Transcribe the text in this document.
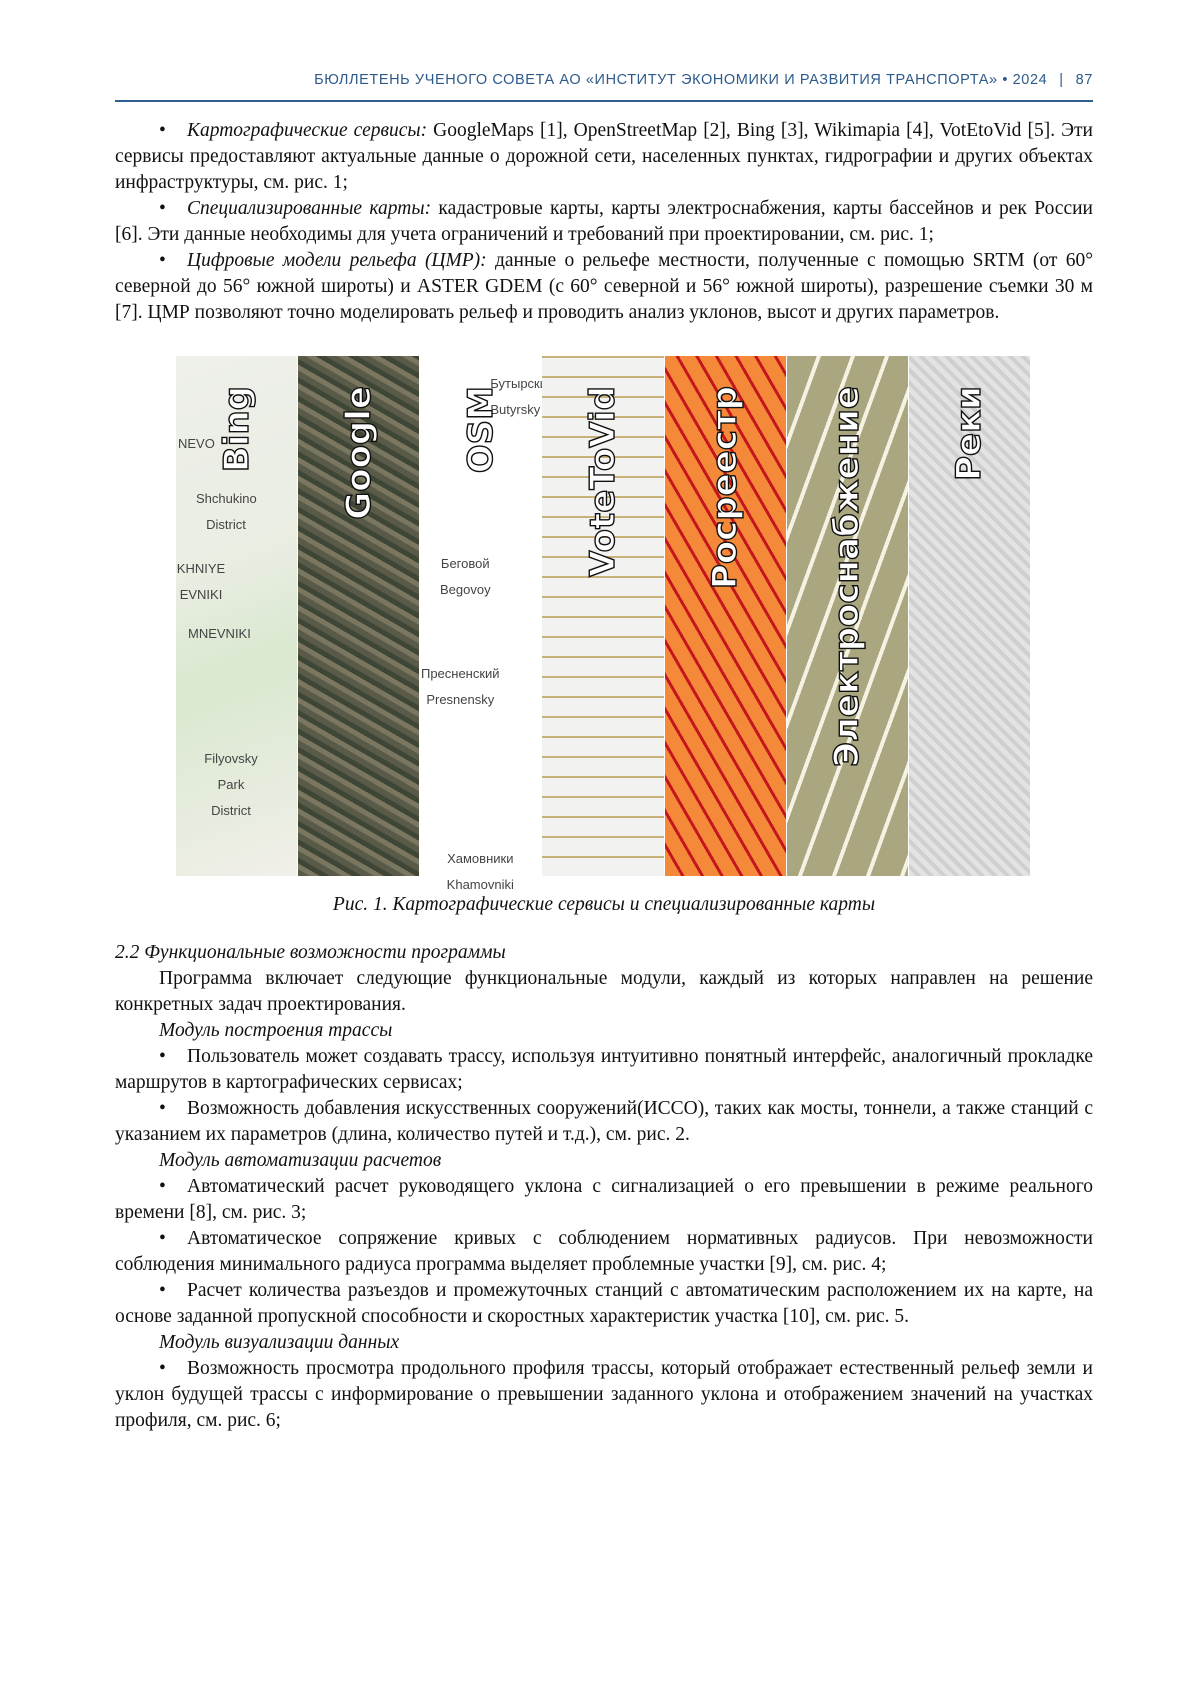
БЮЛЛЕТЕНЬ УЧЕНОГО СОВЕТА АО «ИНСТИТУТ ЭКОНОМИКИ И РАЗВИТИЯ ТРАНСПОРТА» • 2024 | 87

• Картографические сервисы: GoogleMaps [1], OpenStreetMap [2], Bing [3], Wikimapia [4], VotEtoVid [5]. Эти сервисы предоставляют актуальные данные о дорожной сети, населенных пунктах, гидрографии и других объектах инфраструктуры, см. рис. 1;

• Специализированные карты: кадастровые карты, карты электроснабжения, карты бассейнов и рек России [6]. Эти данные необходимы для учета ограничений и требований при проектировании, см. рис. 1;

• Цифровые модели рельефа (ЦМР): данные о рельефе местности, полученные с помощью SRTM (от 60° северной до 56° южной широты) и ASTER GDEM (с 60° северной и 56° южной широты), разрешение съемки 30 м [7]. ЦМР позволяют точно моделировать рельеф и проводить анализ уклонов, высот и других параметров.

NEVO
Shchukino District
KHNIYE EVNIKI
MNEVNIKI
Filyovsky Park District
Bing Google
Бутырский Butyrsky
Беговой Begovoy
Пресненский Presnensky
Хамовники Khamovniki
OSM VoteToVid Росреестр Электроснабжение Реки

Рис. 1. Картографические сервисы и специализированные карты

2.2 Функциональные возможности программы

Программа включает следующие функциональные модули, каждый из которых направлен на решение конкретных задач проектирования.

Модуль построения трассы

• Пользователь может создавать трассу, используя интуитивно понятный интерфейс, аналогичный прокладке маршрутов в картографических сервисах;

• Возможность добавления искусственных сооружений(ИССО), таких как мосты, тоннели, а также станций с указанием их параметров (длина, количество путей и т.д.), см. рис. 2.

Модуль автоматизации расчетов

• Автоматический расчет руководящего уклона с сигнализацией о его превышении в режиме реального времени [8], см. рис. 3;

• Автоматическое сопряжение кривых с соблюдением нормативных радиусов. При невозможности соблюдения минимального радиуса программа выделяет проблемные участки [9], см. рис. 4;

• Расчет количества разъездов и промежуточных станций с автоматическим расположением их на карте, на основе заданной пропускной способности и скоростных характеристик участка [10], см. рис. 5.

Модуль визуализации данных

• Возможность просмотра продольного профиля трассы, который отображает естественный рельеф земли и уклон будущей трассы с информирование о превышении заданного уклона и отображением значений на участках профиля, см. рис. 6;
